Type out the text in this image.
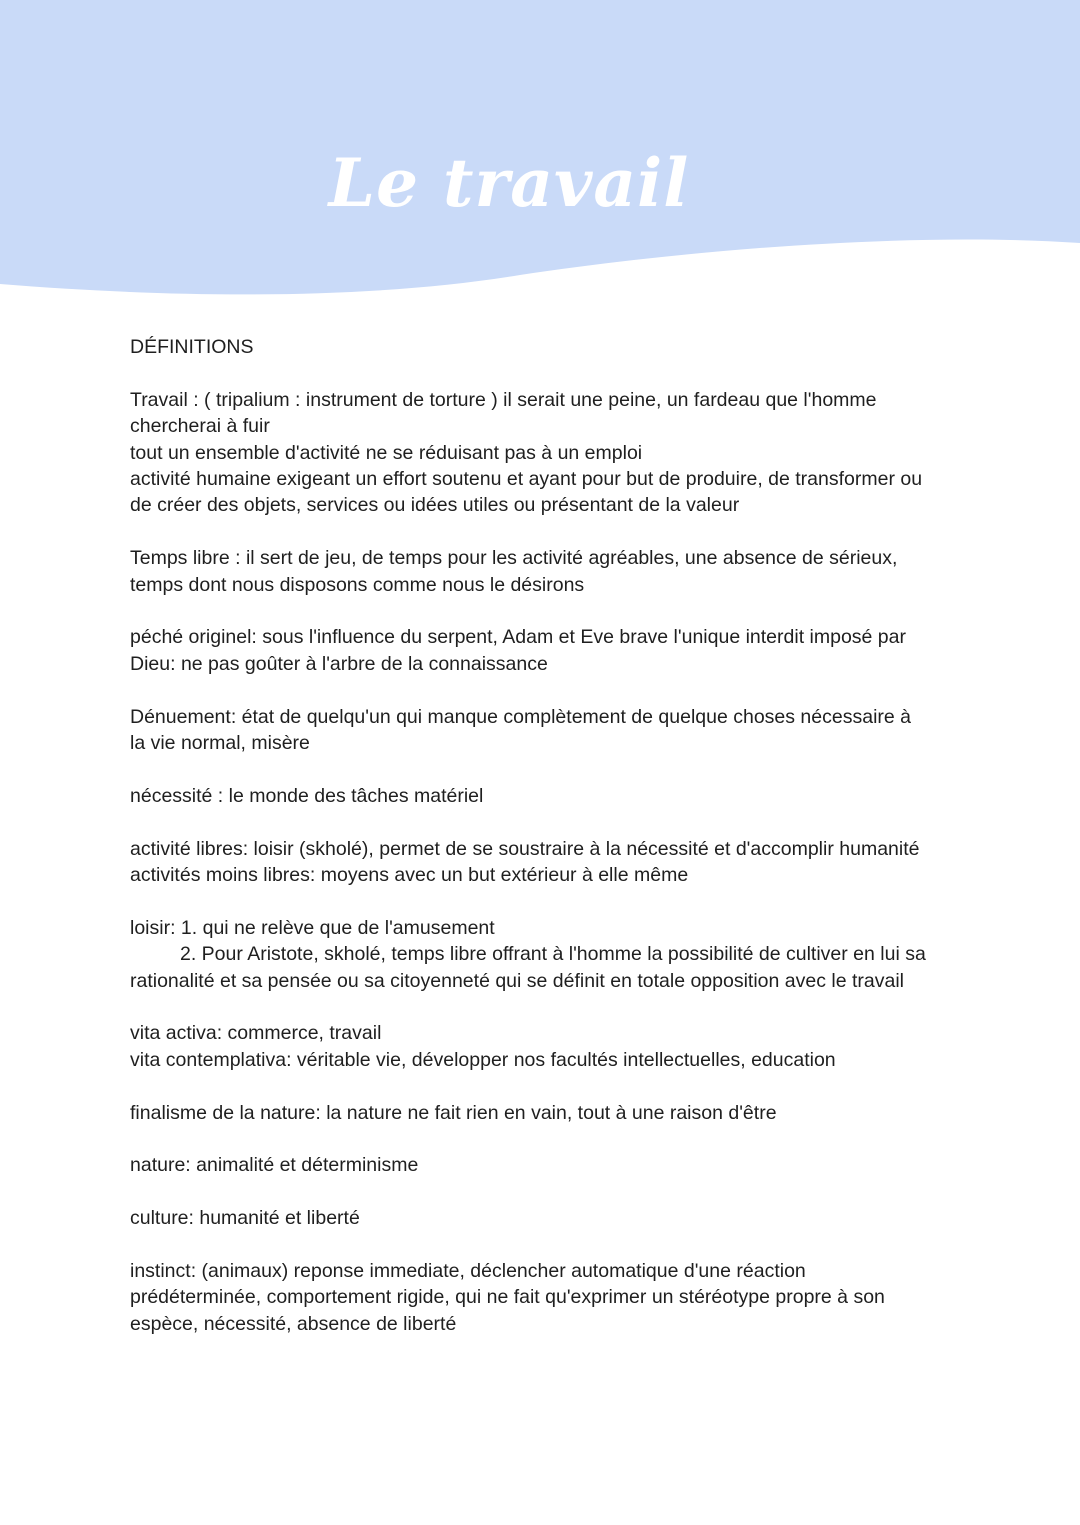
Le travail
DÉFINITIONS
Travail : ( tripalium : instrument de torture ) il serait une peine, un fardeau que l'homme
chercherai à fuir
tout un ensemble d'activité ne se réduisant pas à un emploi
activité humaine exigeant un effort soutenu et ayant pour but de produire, de transformer ou
de créer des objets, services ou idées utiles ou présentant de la valeur
Temps libre : il sert de jeu, de temps pour les activité agréables, une absence de sérieux,
temps dont nous disposons comme nous le désirons
péché originel: sous l'influence du serpent, Adam et Eve brave l'unique interdit imposé par
Dieu: ne pas goûter à l'arbre de la connaissance
Dénuement: état de quelqu'un qui manque complètement de quelque choses nécessaire à
la vie normal, misère
nécessité : le monde des tâches matériel
activité libres: loisir (skholé), permet de se soustraire à la nécessité et d'accomplir humanité
activités moins libres: moyens avec un but extérieur à elle même
loisir: 1. qui ne relève que de l'amusement
2. Pour Aristote, skholé, temps libre offrant à l'homme la possibilité de cultiver en lui sa
rationalité et sa pensée ou sa citoyenneté qui se définit en totale opposition avec le travail
vita activa: commerce, travail
vita contemplativa: véritable vie, développer nos facultés intellectuelles, education
finalisme de la nature: la nature ne fait rien en vain, tout à une raison d'être
nature: animalité et déterminisme
culture: humanité et liberté
instinct: (animaux) reponse immediate, déclencher automatique d'une réaction
prédéterminée, comportement rigide, qui ne fait qu'exprimer un stéréotype propre à son
espèce, nécessité, absence de liberté
